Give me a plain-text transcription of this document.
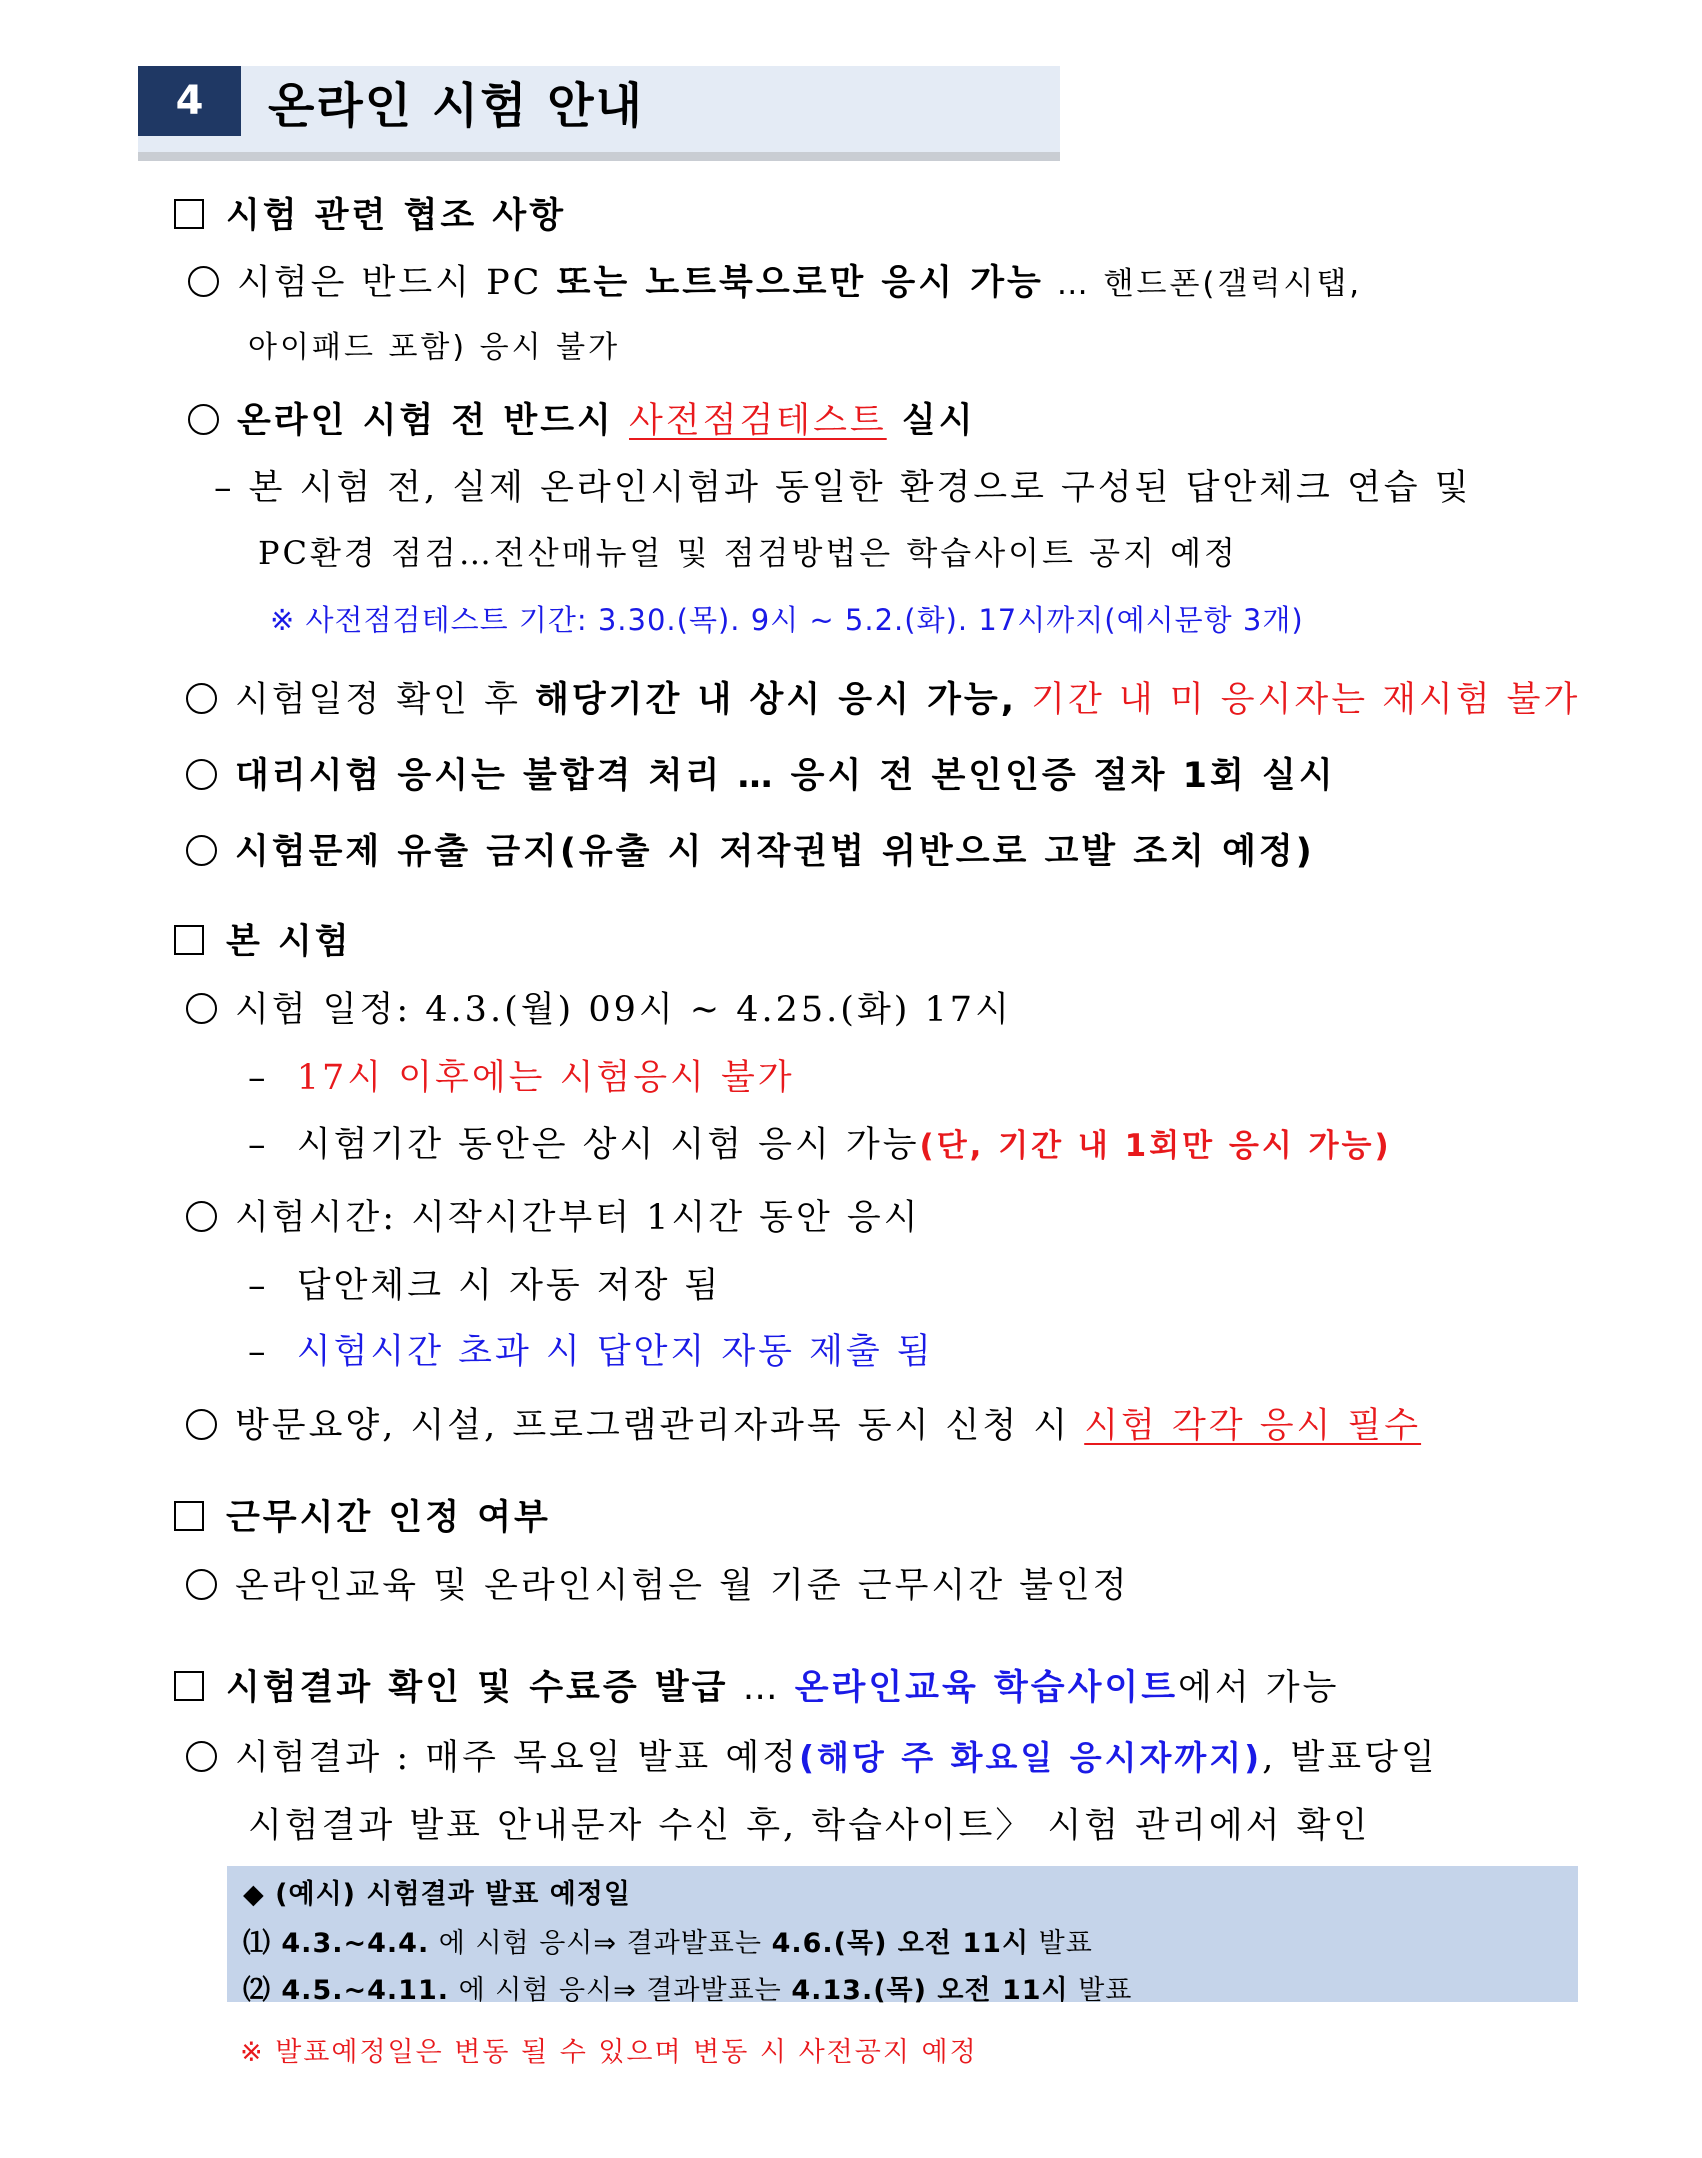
4	온라인 시험 안내
시험 관련 협조 사항
시험은 반드시 PC 또는 노트북으로만 응시 가능 … 핸드폰(갤럭시탭,
아이패드 포함) 응시 불가
온라인 시험 전 반드시 사전점검테스트 실시
– 본 시험 전, 실제 온라인시험과 동일한 환경으로 구성된 답안체크 연습 및
PC환경 점검…전산매뉴얼 및 점검방법은 학습사이트 공지 예정
※ 사전점검테스트 기간: 3.30.(목). 9시 ~ 5.2.(화). 17시까지(예시문항 3개)
시험일정 확인 후 해당기간 내 상시 응시 가능, 기간 내 미 응시자는 재시험 불가
대리시험 응시는 불합격 처리 … 응시 전 본인인증 절차 1회 실시
시험문제 유출 금지(유출 시 저작권법 위반으로 고발 조치 예정)
본 시험
시험 일정: 4.3.(월) 09시 ~ 4.25.(화) 17시
–  17시 이후에는 시험응시 불가
–  시험기간 동안은 상시 시험 응시 가능(단, 기간 내 1회만 응시 가능)
시험시간: 시작시간부터 1시간 동안 응시
–  답안체크 시 자동 저장 됨
–  시험시간 초과 시 답안지 자동 제출 됨
방문요양, 시설, 프로그램관리자과목 동시 신청 시 시험 각각 응시 필수
근무시간 인정 여부
온라인교육 및 온라인시험은 월 기준 근무시간 불인정
시험결과 확인 및 수료증 발급 … 온라인교육 학습사이트에서 가능
시험결과 : 매주 목요일 발표 예정(해당 주 화요일 응시자까지), 발표당일
시험결과 발표 안내문자 수신 후, 학습사이트〉 시험 관리에서 확인
◆ (예시) 시험결과 발표 예정일
⑴ 4.3.~4.4. 에 시험 응시⇒ 결과발표는 4.6.(목) 오전 11시 발표
⑵ 4.5.~4.11. 에 시험 응시⇒ 결과발표는 4.13.(목) 오전 11시 발표
※ 발표예정일은 변동 될 수 있으며 변동 시 사전공지 예정
